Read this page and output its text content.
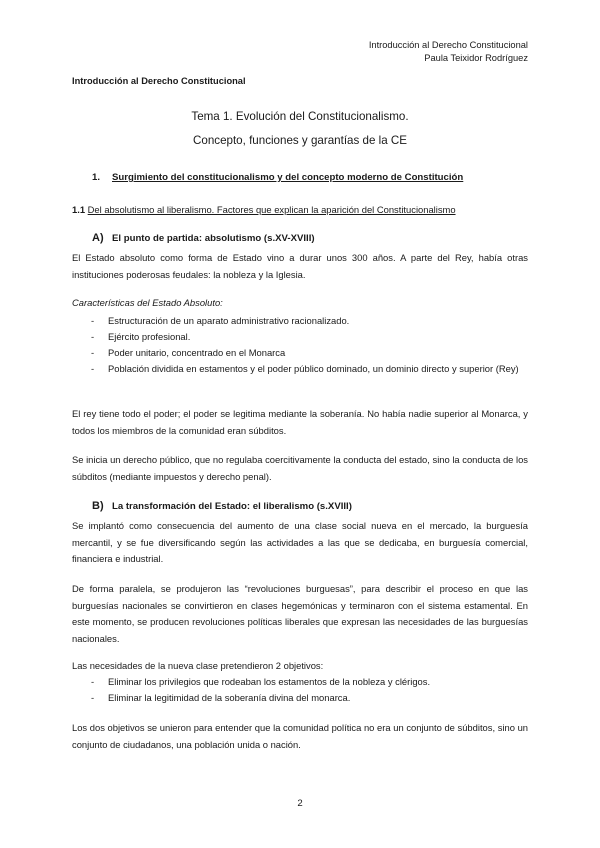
Introducción al Derecho Constitucional
Paula Teixidor Rodríguez
Introducción al Derecho Constitucional
Tema 1. Evolución del Constitucionalismo.
Concepto, funciones y garantías de la CE
1. Surgimiento del constitucionalismo y del concepto moderno de Constitución
1.1 Del absolutismo al liberalismo. Factores que explican la aparición del Constitucionalismo
A) El punto de partida: absolutismo (s.XV-XVIII)
El Estado absoluto como forma de Estado vino a durar unos 300 años. A parte del Rey, había otras instituciones poderosas feudales: la nobleza y la Iglesia.
Características del Estado Absoluto:
- Estructuración de un aparato administrativo racionalizado.
- Ejército profesional.
- Poder unitario, concentrado en el Monarca
- Población dividida en estamentos y el poder público dominado, un dominio directo y superior (Rey)
El rey tiene todo el poder; el poder se legitima mediante la soberanía. No había nadie superior al Monarca, y todos los miembros de la comunidad eran súbditos.
Se inicia un derecho público, que no regulaba coercitivamente la conducta del estado, sino la conducta de los súbditos (mediante impuestos y derecho penal).
B) La transformación del Estado: el liberalismo (s.XVIII)
Se implantó como consecuencia del aumento de una clase social nueva en el mercado, la burguesía mercantil, y se fue diversificando según las actividades a las que se dedicaba, en burguesía comercial, financiera e industrial.
De forma paralela, se produjeron las “revoluciones burguesas”, para describir el proceso en que las burguesías nacionales se convirtieron en clases hegemónicas y terminaron con el sistema estamental. En este momento, se producen revoluciones políticas liberales que expresan las necesidades de las burguesías nacionales.
Las necesidades de la nueva clase pretendieron 2 objetivos:
- Eliminar los privilegios que rodeaban los estamentos de la nobleza y clérigos.
- Eliminar la legitimidad de la soberanía divina del monarca.
Los dos objetivos se unieron para entender que la comunidad política no era un conjunto de súbditos, sino un conjunto de ciudadanos, una población unida o nación.
2
